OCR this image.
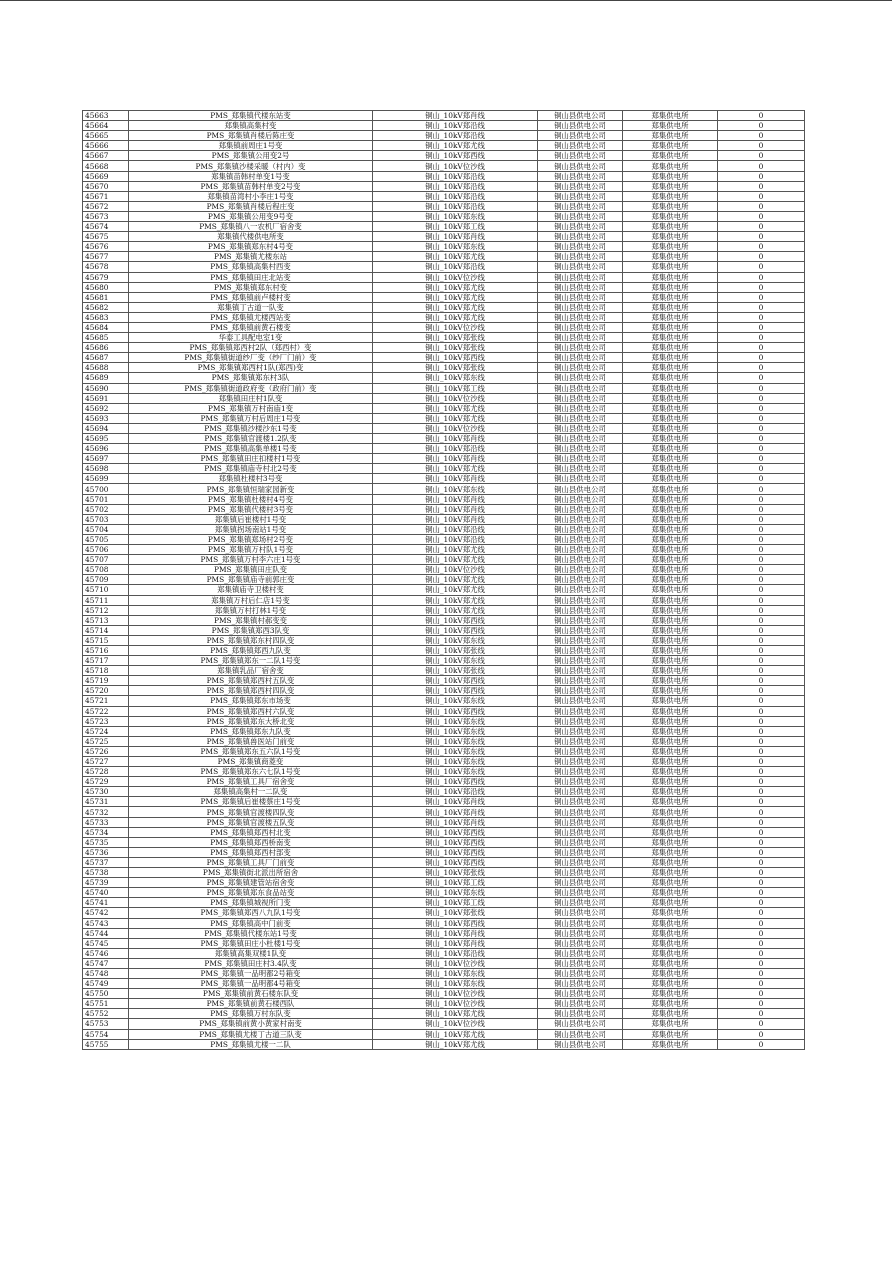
45663	PMS_郑集镇代楼东站变	铜山_10kV郑肖线	铜山县供电公司	郑集供电所	0
45664	郑集镇高集村变	铜山_10kV郑沿线	铜山县供电公司	郑集供电所	0
45665	PMS_郑集镇肖楼后陈庄变	铜山_10kV郑沿线	铜山县供电公司	郑集供电所	0
45666	郑集镇前周庄1号变	铜山_10kV郑尤线	铜山县供电公司	郑集供电所	0
45667	PMS_郑集镇公用变2号	铜山_10kV郑西线	铜山县供电公司	郑集供电所	0
45668	PMS_郑集镇沙楼采暖（村内）变	铜山_10kV位沙线	铜山县供电公司	郑集供电所	0
45669	郑集镇苗韩村单变1号变	铜山_10kV郑沿线	铜山县供电公司	郑集供电所	0
45670	PMS_郑集镇苗韩村单变2号变	铜山_10kV郑沿线	铜山县供电公司	郑集供电所	0
45671	郑集镇苗湾村小李庄1号变	铜山_10kV郑沿线	铜山县供电公司	郑集供电所	0
45672	PMS_郑集镇肖楼后程庄变	铜山_10kV郑沿线	铜山县供电公司	郑集供电所	0
45673	PMS_郑集镇公用变9号变	铜山_10kV郑东线	铜山县供电公司	郑集供电所	0
45674	PMS_郑集镇八一农机厂宿舍变	铜山_10kV郑工线	铜山县供电公司	郑集供电所	0
45675	郑集镇代楼供电所变	铜山_10kV郑肖线	铜山县供电公司	郑集供电所	0
45676	PMS_郑集镇郑东村4号变	铜山_10kV郑东线	铜山县供电公司	郑集供电所	0
45677	PMS_郑集镇尤楼东站	铜山_10kV郑尤线	铜山县供电公司	郑集供电所	0
45678	PMS_郑集镇高集村西变	铜山_10kV郑沿线	铜山县供电公司	郑集供电所	0
45679	PMS_郑集镇田庄北站变	铜山_10kV位沙线	铜山县供电公司	郑集供电所	0
45680	PMS_郑集镇郑东村变	铜山_10kV郑尤线	铜山县供电公司	郑集供电所	0
45681	PMS_郑集镇前卢楼村变	铜山_10kV郑尤线	铜山县供电公司	郑集供电所	0
45682	郑集镇丁古道一队变	铜山_10kV郑尤线	铜山县供电公司	郑集供电所	0
45683	PMS_郑集镇尤楼西站变	铜山_10kV郑尤线	铜山县供电公司	郑集供电所	0
45684	PMS_郑集镇前黄石楼变	铜山_10kV位沙线	铜山县供电公司	郑集供电所	0
45685	华泰工具配电室1变	铜山_10kV郑张线	铜山县供电公司	郑集供电所	0
45686	PMS_郑集镇郑西村2队（郑西村）变	铜山_10kV郑张线	铜山县供电公司	郑集供电所	0
45687	PMS_郑集镇街道纱厂变（纱厂门前）变	铜山_10kV郑西线	铜山县供电公司	郑集供电所	0
45688	PMS_郑集镇郑西村1队(郑西)变	铜山_10kV郑张线	铜山县供电公司	郑集供电所	0
45689	PMS_郑集镇郑东村3队	铜山_10kV郑东线	铜山县供电公司	郑集供电所	0
45690	PMS_郑集镇街道政府变（政府门前）变	铜山_10kV郑工线	铜山县供电公司	郑集供电所	0
45691	郑集镇田庄村1队变	铜山_10kV位沙线	铜山县供电公司	郑集供电所	0
45692	PMS_郑集镇万村南庙1变	铜山_10kV郑尤线	铜山县供电公司	郑集供电所	0
45693	PMS_郑集镇万村后周庄1号变	铜山_10kV郑尤线	铜山县供电公司	郑集供电所	0
45694	PMS_郑集镇沙楼沙东1号变	铜山_10kV位沙线	铜山县供电公司	郑集供电所	0
45695	PMS_郑集镇官渡楼1.2队变	铜山_10kV郑肖线	铜山县供电公司	郑集供电所	0
45696	PMS_郑集镇高集单楼1号变	铜山_10kV郑沿线	铜山县供电公司	郑集供电所	0
45697	PMS_郑集镇田庄扣楼村1号变	铜山_10kV郑肖线	铜山县供电公司	郑集供电所	0
45698	PMS_郑集镇庙寺村北2号变	铜山_10kV郑尤线	铜山县供电公司	郑集供电所	0
45699	郑集镇杜楼村3号变	铜山_10kV郑肖线	铜山县供电公司	郑集供电所	0
45700	PMS_郑集镇恒瑞家园新变	铜山_10kV郑东线	铜山县供电公司	郑集供电所	0
45701	PMS_郑集镇杜楼村4号变	铜山_10kV郑肖线	铜山县供电公司	郑集供电所	0
45702	PMS_郑集镇代楼村3号变	铜山_10kV郑肖线	铜山县供电公司	郑集供电所	0
45703	郑集镇后崔楼村1号变	铜山_10kV郑肖线	铜山县供电公司	郑集供电所	0
45704	郑集镇拐场南站1号变	铜山_10kV郑沿线	铜山县供电公司	郑集供电所	0
45705	PMS_郑集镇郑场村2号变	铜山_10kV郑沿线	铜山县供电公司	郑集供电所	0
45706	PMS_郑集镇万村队1号变	铜山_10kV郑尤线	铜山县供电公司	郑集供电所	0
45707	PMS_郑集镇万村李六庄1号变	铜山_10kV郑尤线	铜山县供电公司	郑集供电所	0
45708	PMS_郑集镇田庄队变	铜山_10kV位沙线	铜山县供电公司	郑集供电所	0
45709	PMS_郑集镇庙寺前郭庄变	铜山_10kV郑尤线	铜山县供电公司	郑集供电所	0
45710	郑集镇庙寺卫楼村变	铜山_10kV郑尤线	铜山县供电公司	郑集供电所	0
45711	郑集镇万村后仁店1号变	铜山_10kV郑尤线	铜山县供电公司	郑集供电所	0
45712	郑集镇万村打林1号变	铜山_10kV郑尤线	铜山县供电公司	郑集供电所	0
45713	PMS_郑集镇村郝变变	铜山_10kV郑西线	铜山县供电公司	郑集供电所	0
45714	PMS_郑集镇郑西3队变	铜山_10kV郑西线	铜山县供电公司	郑集供电所	0
45715	PMS_郑集镇郑东村四队变	铜山_10kV郑东线	铜山县供电公司	郑集供电所	0
45716	PMS_郑集镇郑西九队变	铜山_10kV郑张线	铜山县供电公司	郑集供电所	0
45717	PMS_郑集镇郑东一二队1号变	铜山_10kV郑东线	铜山县供电公司	郑集供电所	0
45718	郑集镇乳品厂宿舍变	铜山_10kV郑张线	铜山县供电公司	郑集供电所	0
45719	PMS_郑集镇郑西村五队变	铜山_10kV郑西线	铜山县供电公司	郑集供电所	0
45720	PMS_郑集镇郑西村四队变	铜山_10kV郑西线	铜山县供电公司	郑集供电所	0
45721	PMS_郑集镇郑东市场变	铜山_10kV郑东线	铜山县供电公司	郑集供电所	0
45722	PMS_郑集镇郑西村六队变	铜山_10kV郑西线	铜山县供电公司	郑集供电所	0
45723	PMS_郑集镇郑东大桥北变	铜山_10kV郑东线	铜山县供电公司	郑集供电所	0
45724	PMS_郑集镇郑东九队变	铜山_10kV郑东线	铜山县供电公司	郑集供电所	0
45725	PMS_郑集镇兽医站门前变	铜山_10kV郑东线	铜山县供电公司	郑集供电所	0
45726	PMS_郑集镇郑东五六队1号变	铜山_10kV郑东线	铜山县供电公司	郑集供电所	0
45727	PMS_郑集镇商菱变	铜山_10kV郑东线	铜山县供电公司	郑集供电所	0
45728	PMS_郑集镇郑东六七队1号变	铜山_10kV郑东线	铜山县供电公司	郑集供电所	0
45729	PMS_郑集镇工具厂宿舍变	铜山_10kV郑西线	铜山县供电公司	郑集供电所	0
45730	郑集镇高集村一二队变	铜山_10kV郑沿线	铜山县供电公司	郑集供电所	0
45731	PMS_郑集镇后崔楼蔡庄1号变	铜山_10kV郑肖线	铜山县供电公司	郑集供电所	0
45732	PMS_郑集镇官渡楼四队变	铜山_10kV郑肖线	铜山县供电公司	郑集供电所	0
45733	PMS_郑集镇官渡楼五队变	铜山_10kV郑肖线	铜山县供电公司	郑集供电所	0
45734	PMS_郑集镇郑西村北变	铜山_10kV郑西线	铜山县供电公司	郑集供电所	0
45735	PMS_郑集镇郑西桥南变	铜山_10kV郑西线	铜山县供电公司	郑集供电所	0
45736	PMS_郑集镇郑西村部变	铜山_10kV郑西线	铜山县供电公司	郑集供电所	0
45737	PMS_郑集镇工具厂门前变	铜山_10kV郑西线	铜山县供电公司	郑集供电所	0
45738	PMS_郑集镇街北派出所宿舍	铜山_10kV郑张线	铜山县供电公司	郑集供电所	0
45739	PMS_郑集镇建管站宿舍变	铜山_10kV郑工线	铜山县供电公司	郑集供电所	0
45740	PMS_郑集镇郑东食品站变	铜山_10kV郑东线	铜山县供电公司	郑集供电所	0
45741	PMS_郑集镇城视所门变	铜山_10kV郑工线	铜山县供电公司	郑集供电所	0
45742	PMS_郑集镇郑西八九队1号变	铜山_10kV郑张线	铜山县供电公司	郑集供电所	0
45743	PMS_郑集镇高中门前变	铜山_10kV郑西线	铜山县供电公司	郑集供电所	0
45744	PMS_郑集镇代楼东站1号变	铜山_10kV郑肖线	铜山县供电公司	郑集供电所	0
45745	PMS_郑集镇田庄小杜楼1号变	铜山_10kV郑肖线	铜山县供电公司	郑集供电所	0
45746	郑集镇高集双楼1队变	铜山_10kV郑沿线	铜山县供电公司	郑集供电所	0
45747	PMS_郑集镇田庄村3.4队变	铜山_10kV位沙线	铜山县供电公司	郑集供电所	0
45748	PMS_郑集镇一品明都2号箱变	铜山_10kV郑东线	铜山县供电公司	郑集供电所	0
45749	PMS_郑集镇一品明都4号箱变	铜山_10kV郑东线	铜山县供电公司	郑集供电所	0
45750	PMS_郑集镇前黄石楼东队变	铜山_10kV位沙线	铜山县供电公司	郑集供电所	0
45751	PMS_郑集镇前黄石楼西队	铜山_10kV位沙线	铜山县供电公司	郑集供电所	0
45752	PMS_郑集镇万村东队变	铜山_10kV郑尤线	铜山县供电公司	郑集供电所	0
45753	PMS_郑集镇前黄小黄家村南变	铜山_10kV位沙线	铜山县供电公司	郑集供电所	0
45754	PMS_郑集镇尤楼丁古道三队变	铜山_10kV郑尤线	铜山县供电公司	郑集供电所	0
45755	PMS_郑集镇尤楼一二队	铜山_10kV郑尤线	铜山县供电公司	郑集供电所	0
